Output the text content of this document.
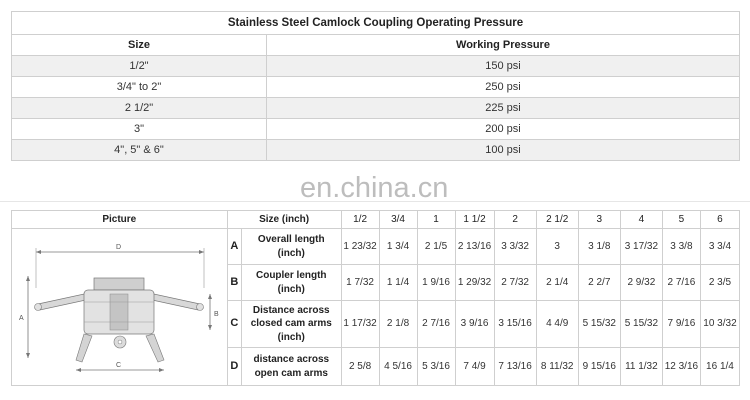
Stainless Steel Camlock Coupling Operating Pressure	
Size	Working Pressure
1/2"	150 psi
3/4" to 2"	250 psi
2 1/2"	225 psi
3"	200 psi
4", 5" & 6"	100 psi
en.china.cn
Picture	Size (inch)		1/2	3/4	1	1 1/2	2	2 1/2	3	4	5	6

D
A
B
C	A	Overall length (inch)	1 23/32	1 3/4	2 1/5	2 13/16	3 3/32	3	3 1/8	3 17/32	3 3/8	3 3/4
	B	Coupler length (inch)	1 7/32	1 1/4	1 9/16	1 29/32	2 7/32	2 1/4	2 2/7	2 9/32	2 7/16	2 3/5
	C	Distance across closed cam arms (inch)	1 17/32	2 1/8	2 7/16	3 9/16	3 15/16	4 4/9	5 15/32	5 15/32	7 9/16	10 3/32
	D	distance across open cam arms	2 5/8	4 5/16	5 3/16	7 4/9	7 13/16	8 11/32	9 15/16	11 1/32	12 3/16	16 1/4
